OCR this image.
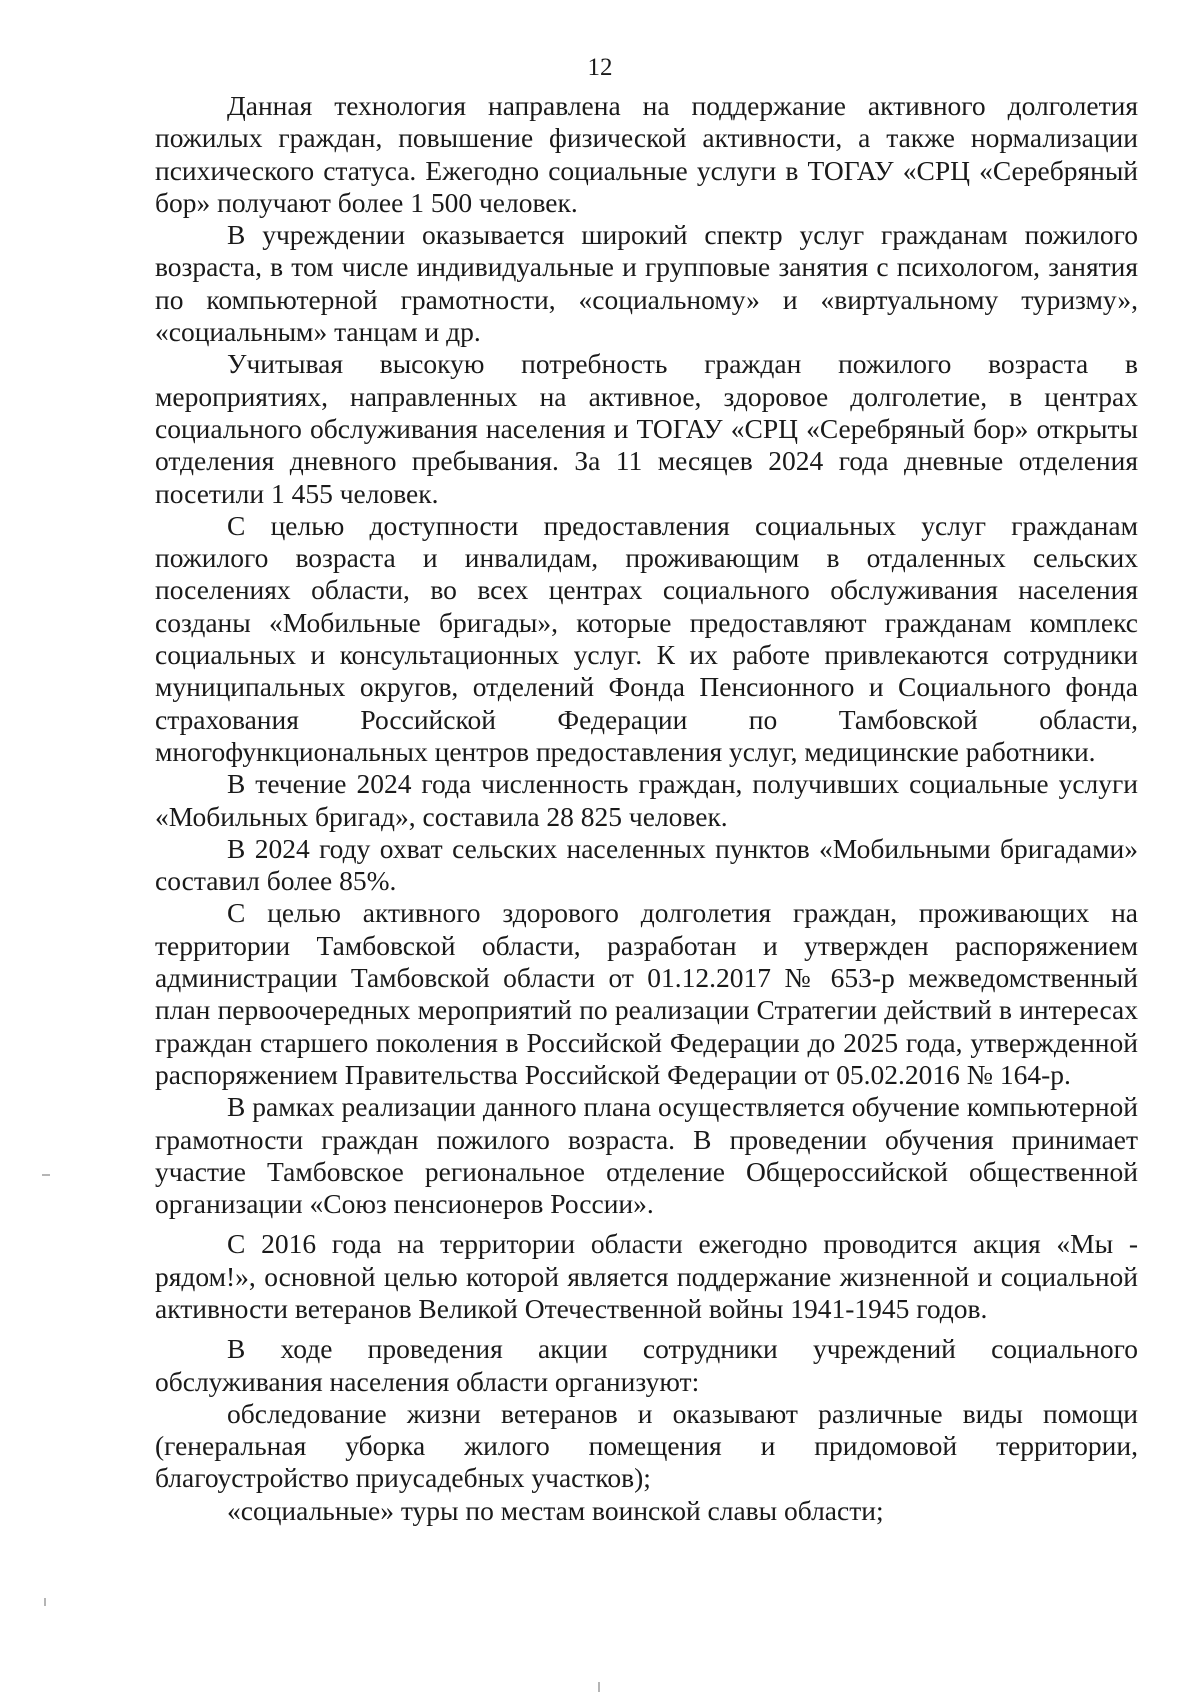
12

Данная технология направлена на поддержание активного долголетия пожилых граждан, повышение физической активности, а также нормализации психического статуса. Ежегодно социальные услуги в ТОГАУ «СРЦ «Серебряный бор» получают более 1 500 человек.

В учреждении оказывается широкий спектр услуг гражданам пожилого возраста, в том числе индивидуальные и групповые занятия с психологом, занятия по компьютерной грамотности, «социальному» и «виртуальному туризму», «социальным» танцам и др.

Учитывая высокую потребность граждан пожилого возраста в мероприятиях, направленных на активное, здоровое долголетие, в центрах социального обслуживания населения и ТОГАУ «СРЦ «Серебряный бор» открыты отделения дневного пребывания. За 11 месяцев 2024 года дневные отделения посетили 1 455 человек.

С целью доступности предоставления социальных услуг гражданам пожилого возраста и инвалидам, проживающим в отдаленных сельских поселениях области, во всех центрах социального обслуживания населения созданы «Мобильные бригады», которые предоставляют гражданам комплекс социальных и консультационных услуг. К их работе привлекаются сотрудники муниципальных округов, отделений Фонда Пенсионного и Социального фонда страхования Российской Федерации по Тамбовской области, многофункциональных центров предоставления услуг, медицинские работники.

В течение 2024 года численность граждан, получивших социальные услуги «Мобильных бригад», составила 28 825 человек.

В 2024 году охват сельских населенных пунктов «Мобильными бригадами» составил более 85%.

С целью активного здорового долголетия граждан, проживающих на территории Тамбовской области, разработан и утвержден распоряжением администрации Тамбовской области от 01.12.2017 № 653-р межведомственный план первоочередных мероприятий по реализации Стратегии действий в интересах граждан старшего поколения в Российской Федерации до 2025 года, утвержденной распоряжением Правительства Российской Федерации от 05.02.2016 № 164-р.

В рамках реализации данного плана осуществляется обучение компьютерной грамотности граждан пожилого возраста. В проведении обучения принимает участие Тамбовское региональное отделение Общероссийской общественной организации «Союз пенсионеров России».

С 2016 года на территории области ежегодно проводится акция «Мы - рядом!», основной целью которой является поддержание жизненной и социальной активности ветеранов Великой Отечественной войны 1941-1945 годов.

В ходе проведения акции сотрудники учреждений социального обслуживания населения области организуют:

обследование жизни ветеранов и оказывают различные виды помощи (генеральная уборка жилого помещения и придомовой территории, благоустройство приусадебных участков);

«социальные» туры по местам воинской славы области;
